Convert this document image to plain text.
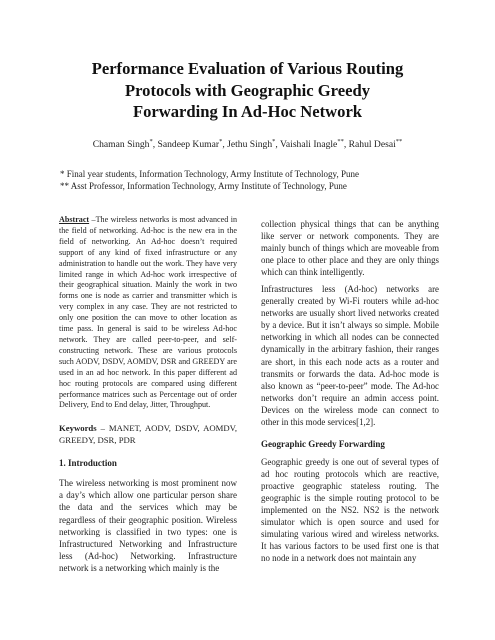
Performance Evaluation of Various Routing
Protocols with Geographic Greedy
Forwarding In Ad-Hoc Network
Chaman Singh*, Sandeep Kumar*, Jethu Singh*, Vaishali Inagle**, Rahul Desai**
* Final year students, Information Technology, Army Institute of Technology, Pune
** Asst Professor, Information Technology, Army Institute of Technology, Pune

Abstract –The wireless networks is most advanced in the field of networking. Ad-hoc is the new era in the field of networking. An Ad-hoc doesn’t required support of any kind of fixed infrastructure or any administration to handle out the work. They have very limited range in which Ad-hoc work irrespective of their geographical situation. Mainly the work in two forms one is node as carrier and transmitter which is very complex in any case. They are not restricted to only one position the can move to other location as time pass. In general is said to be wireless Ad-hoc network. They are called peer-to-peer, and self-constructing network. These are various protocols such AODV, DSDV, AOMDV, DSR and GREEDY are used in an ad hoc network. In this paper different ad hoc routing protocols are compared using different performance matrices such as Percentage out of order Delivery, End to End delay, Jitter, Throughput.

Keywords – MANET, AODV, DSDV, AOMDV, GREEDY, DSR, PDR

1. Introduction

The wireless networking is most prominent now a day’s which allow one particular person share the data and the services which may be regardless of their geographic position. Wireless networking is classified in two types: one is Infrastructured Networking and Infrastructure less (Ad-hoc) Networking. Infrastructure network is a networking which mainly is the

collection physical things that can be anything like server or network components. They are mainly bunch of things which are moveable from one place to other place and they are only things which can think intelligently.

Infrastructures less (Ad-hoc) networks are generally created by Wi-Fi routers while ad-hoc networks are usually short lived networks created by a device. But it isn’t always so simple. Mobile networking in which all nodes can be connected dynamically in the arbitrary fashion, their ranges are short, in this each node acts as a router and transmits or forwards the data. Ad-hoc mode is also known as “peer-to-peer” mode. The Ad-hoc networks don’t require an admin access point. Devices on the wireless mode can connect to other in this mode services[1,2].

Geographic Greedy Forwarding

Geographic greedy is one out of several types of ad hoc routing protocols which are reactive, proactive geographic stateless routing. The geographic is the simple routing protocol to be implemented on the NS2. NS2 is the network simulator which is open source and used for simulating various wired and wireless networks. It has various factors to be used first one is that no node in a network does not maintain any
